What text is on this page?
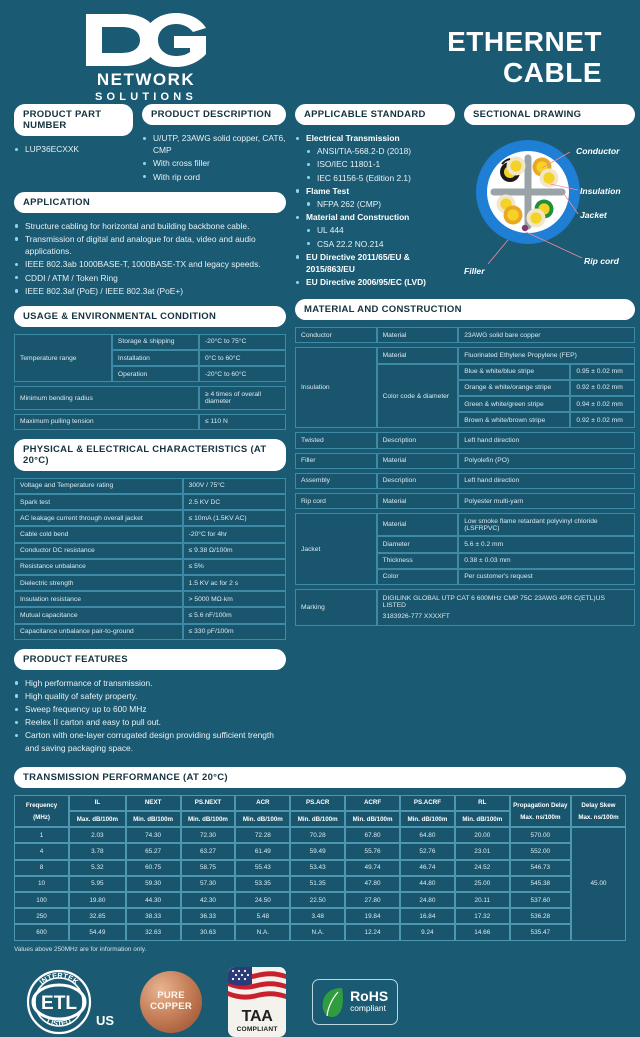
NETWORK
SOLUTIONS
ETHERNET
CABLE
PRODUCT PART NUMBER
LUP36ECXXK
PRODUCT DESCRIPTION
U/UTP, 23AWG solid copper, CAT6, CMP
With cross filler
With rip cord
APPLICATION
Structure cabling for horizontal and building backbone cable.
Transmission of digital and analogue for data, video and audio applications.
IEEE 802.3ab 1000BASE-T, 1000BASE-TX and legacy speeds.
CDDI / ATM / Token Ring
IEEE 802.3af (PoE) / IEEE 802.3at (PoE+)
USAGE & ENVIRONMENTAL CONDITION
Temperature range	Storage & shipping	-20°C to 75°C
	Installation	0°C to 60°C
	Operation	-20°C to 60°C
Minimum bending radius	≥ 4 times of overall diameter
Maximum pulling tension	≤ 110 N
PHYSICAL & ELECTRICAL CHARACTERISTICS (AT 20°C)
Voltage and Temperature rating	300V / 75°C
Spark test	2.5 KV DC
AC leakage current through overall jacket	≤ 10mA (1.5KV AC)
Cable cold bend	-20°C for 4hr
Conductor DC resistance	≤ 9.38 Ω/100m
Resistance unbalance	≤ 5%
Dielectric strength	1.5 KV ac for 2 s
Insulation resistance	> 5000 MΩ·km
Mutual capacitance	≤ 5.6 nF/100m
Capacitance unbalance pair-to-ground	≤ 330 pF/100m
PRODUCT FEATURES
High performance of transmission.
High quality of safety property.
Sweep frequency up to 600 MHz
Reelex II carton and easy to pull out.
Carton with one-layer corrugated design providing sufficient trength and saving packaging space.
APPLICABLE STANDARD
Electrical Transmission
ANSI/TIA-568.2-D (2018)
ISO/IEC 11801-1
IEC 61156-5 (Edition 2.1)
Flame Test
NFPA 262 (CMP)
Material and Construction
UL 444
CSA 22.2 NO.214
EU Directive 2011/65/EU & 2015/863/EU
EU Directive 2006/95/EC (LVD)
SECTIONAL DRAWING
Conductor
Insulation
Jacket
Rip cord
Filler
MATERIAL AND CONSTRUCTION
Conductor	Material	23AWG solid bare copper
Insulation	Material	Fluorinated Ethylene Propylene (FEP)	
	Color code & diameter	Blue & white/blue stripe	0.95 ± 0.02 mm
		Orange & white/orange stripe	0.92 ± 0.02 mm
		Green & white/green stripe	0.94 ± 0.02 mm
		Brown & white/brown stripe	0.92 ± 0.02 mm
Twisted	Description	Left hand direction
Filler	Material	Polyolefin (PO)
Assembly	Description	Left hand direction
Rip cord	Material	Polyester multi-yarn
Jacket	Material	Low smoke flame retardant polyvinyl chloride (LSFRPVC)
	Diameter	5.6 ± 0.2 mm
	Thickness	0.38 ± 0.03 mm
	Color	Per customer's request
Marking	
DIGILINK GLOBAL UTP CAT 6 600MHz CMP 75C 23AWG 4PR C(ETL)US LISTED
3183926-777 XXXXFT
TRANSMISSION PERFORMANCE (AT 20°C)
Frequency
(MHz)
	IL	NEXT	PS.NEXT	ACR	PS.ACR	ACRF	PS.ACRF	RL	Propagation Delay
Max. ns/100m

Delay Skew
Max. ns/100m

	Max. dB/100m	Min. dB/100m	Min. dB/100m	Min. dB/100m	Min. dB/100m	Min. dB/100m	Min. dB/100m	Min. dB/100m		
1	2.03	74.30	72.30	72.28	70.28	67.80	64.80	20.00	570.00	45.00
4	3.78	65.27	63.27	61.49	59.49	55.76	52.76	23.01	552.00	
8	5.32	60.75	58.75	55.43	53.43	49.74	46.74	24.52	546.73	
10	5.95	59.30	57.30	53.35	51.35	47.80	44.80	25.00	545.38	
100	19.80	44.30	42.30	24.50	22.50	27.80	24.80	20.11	537.60	
250	32.85	38.33	36.33	5.48	3.48	19.84	16.84	17.32	536.28	
600	54.49	32.63	30.63	N.A.	N.A.	12.24	9.24	14.66	535.47	
Values above 250MHz are for information only.
ETL
INTERTEK
LISTED US
PURE
COPPER
TAA
COMPLIANT
RoHS
compliant
